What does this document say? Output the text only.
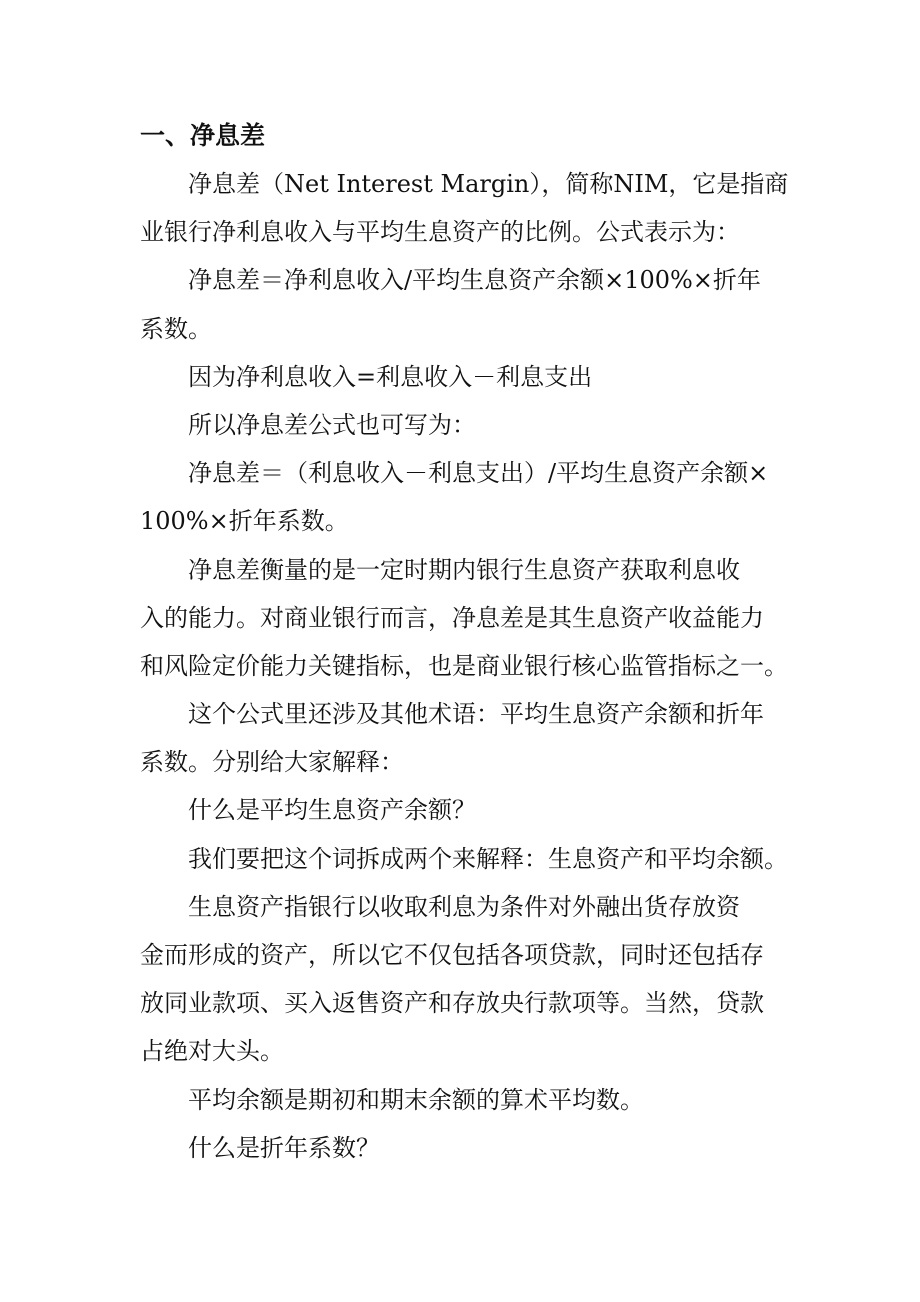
一、净息差
净息差（Net Interest Margin），简称NIM，它是指商
业银行净利息收入与平均生息资产的比例。公式表示为：
净息差＝净利息收入/平均生息资产余额×100%×折年
系数。
因为净利息收入=利息收入－利息支出
所以净息差公式也可写为：
净息差＝（利息收入－利息支出）/平均生息资产余额×
100%×折年系数。
净息差衡量的是一定时期内银行生息资产获取利息收
入的能力。对商业银行而言，净息差是其生息资产收益能力
和风险定价能力关键指标，也是商业银行核心监管指标之一。
这个公式里还涉及其他术语：平均生息资产余额和折年
系数。分别给大家解释：
什么是平均生息资产余额？
我们要把这个词拆成两个来解释：生息资产和平均余额。
生息资产指银行以收取利息为条件对外融出货存放资
金而形成的资产，所以它不仅包括各项贷款，同时还包括存
放同业款项、买入返售资产和存放央行款项等。当然，贷款
占绝对大头。
平均余额是期初和期末余额的算术平均数。
什么是折年系数？
